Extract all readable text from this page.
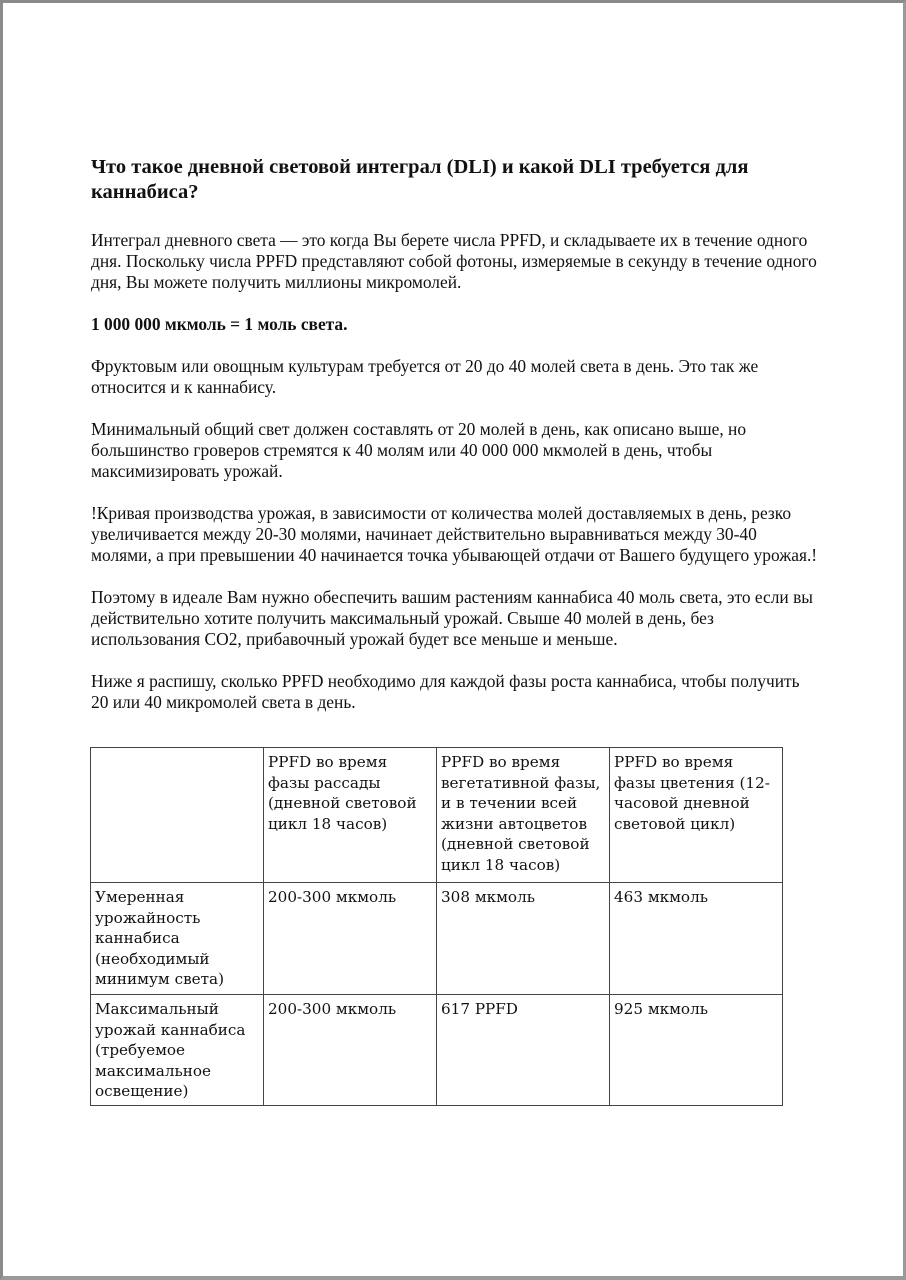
Что такое дневной световой интеграл (DLI) и какой DLI требуется для каннабиса?

Интеграл дневного света — это когда Вы берете числа PPFD, и складываете их в течение одного дня. Поскольку числа PPFD представляют собой фотоны, измеряемые в секунду в течение одного дня, Вы можете получить миллионы микромолей.

1 000 000 мкмоль = 1 моль света.

Фруктовым или овощным культурам требуется от 20 до 40 молей света в день. Это так же относится и к каннабису.

Минимальный общий свет должен составлять от 20 молей в день, как описано выше, но большинство гроверов стремятся к 40 молям или 40 000 000 мкмолей в день, чтобы максимизировать урожай.

!Кривая производства урожая, в зависимости от количества молей доставляемых в день, резко увеличивается между 20-30 молями, начинает действительно выравниваться между 30-40 молями, а при превышении 40 начинается точка убывающей отдачи от Вашего будущего урожая.!

Поэтому в идеале Вам нужно обеспечить вашим растениям каннабиса 40 моль света, это если вы действительно хотите получить максимальный урожай. Свыше 40 молей в день, без использования СО2, прибавочный урожай будет все меньше и меньше.

Ниже я распишу, сколько PPFD необходимо для каждой фазы роста каннабиса, чтобы получить 20 или 40 микромолей света в день.

	PPFD во время фазы рассады (дневной световой цикл 18 часов)	PPFD во время вегетативной фазы, и в течении всей жизни автоцветов (дневной световой цикл 18 часов)	PPFD во время фазы цветения (12-часовой дневной световой цикл)
Умеренная урожайность каннабиса (необходимый минимум света)	200-300 мкмоль	308 мкмоль	463 мкмоль
Максимальный урожай каннабиса (требуемое максимальное освещение)	200-300 мкмоль	617 PPFD	925 мкмоль
